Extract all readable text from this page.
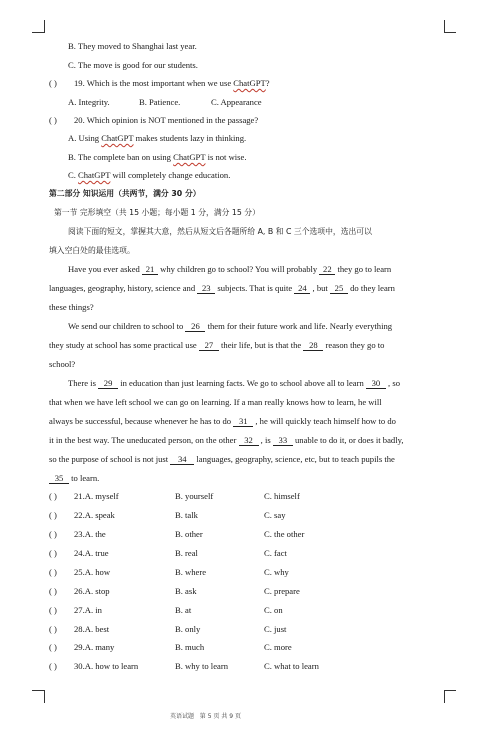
B. They moved to Shanghai last year.
C. The move is good for our students.
( ) 19. Which is the most important when we use ChatGPT?
A. Integrity.	B. Patience.	C. Appearance
( ) 20. Which opinion is NOT mentioned in the passage?
A. Using ChatGPT makes students lazy in thinking.
B. The complete ban on using ChatGPT is not wise.
C. ChatGPT will completely change education.
第二部分 知识运用（共两节，满分 30 分）
第一节 完形填空（共 15 小题；每小题 1 分，满分 15 分）
阅读下面的短文，掌握其大意，然后从短文后各题所给 A, B 和 C 三个选项中，选出可以
填入空白处的最佳选项。
Have you ever asked 21 why children go to school? You will probably 22 they go to learn
languages, geography, history, science and 23 subjects. That is quite 24 , but 25 do they learn
these things?
We send our children to school to 26 them for their future work and life. Nearly everything
they study at school has some practical use 27 their life, but is that the 28 reason they go to
school?
There is 29 in education than just learning facts. We go to school above all to learn 30 , so
that when we have left school we can go on learning. If a man really knows how to learn, he will
always be successful, because whenever he has to do 31 , he will quickly teach himself how to do
it in the best way. The uneducated person, on the other 32 , is 33 unable to do it, or does it badly,
so the purpose of school is not just 34 languages, geography, science, etc, but to teach pupils the
35 to learn.
( ) 21.A. myself	B. yourself	C. himself
( ) 22.A. speak	B. talk	C. say
( ) 23.A. the	B. other	C. the other
( ) 24.A. true	B. real	C. fact
( ) 25.A. how	B. where	C. why
( ) 26.A. stop	B. ask	C. prepare
( ) 27.A. in	B. at	C. on
( ) 28.A. best	B. only	C. just
( ) 29.A. many	B. much	C. more
( ) 30.A. how to learn	B. why to learn	C. what to learn
英语试题 第 5 页 共 9 页
